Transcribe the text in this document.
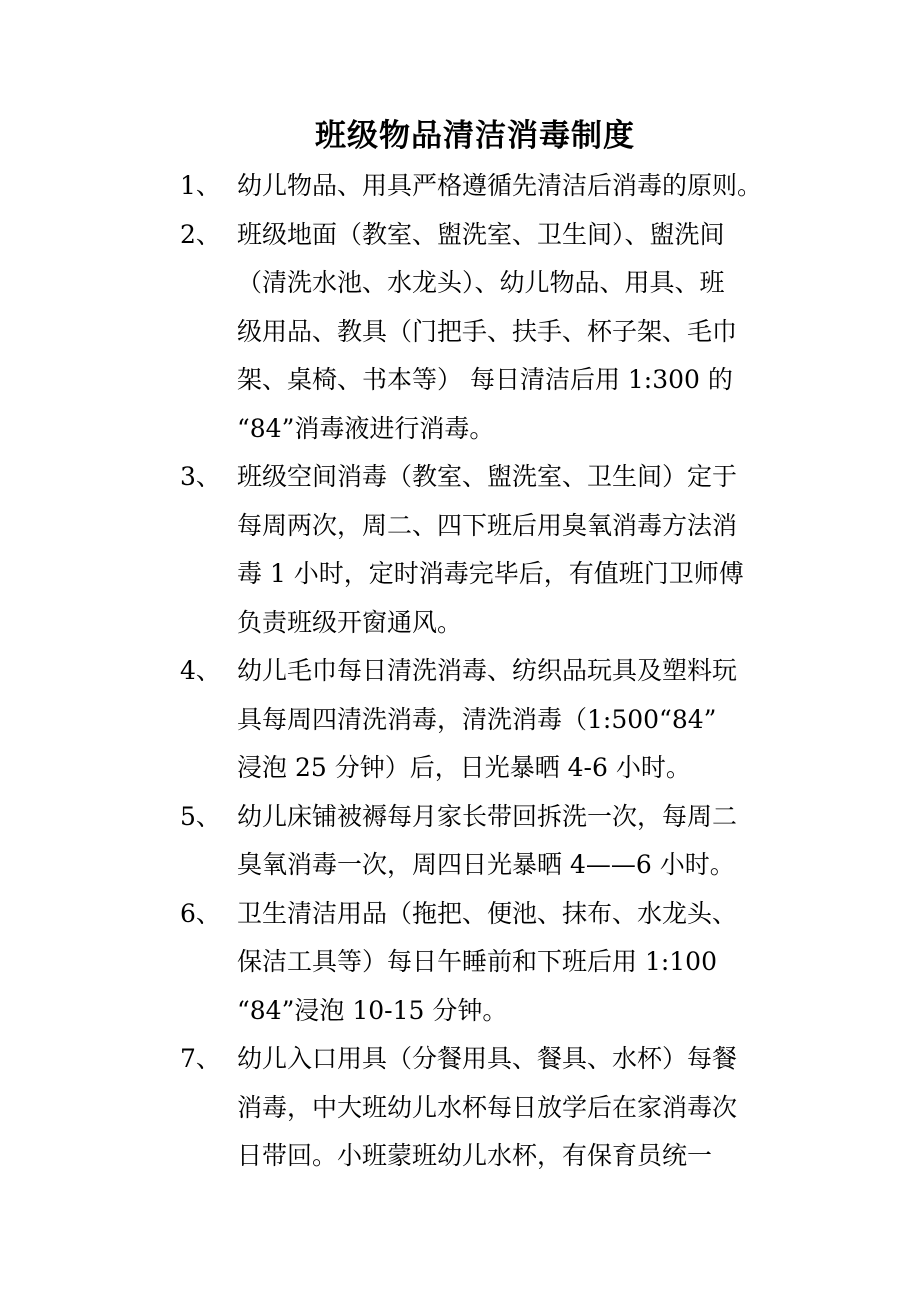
班级物品清洁消毒制度
1、 幼儿物品、用具严格遵循先清洁后消毒的原则。
2、 班级地面（教室、盥洗室、卫生间）、盥洗间
（清洗水池、水龙头）、幼儿物品、用具、班
级用品、教具（门把手、扶手、杯子架、毛巾
架、桌椅、书本等） 每日清洁后用 1:300 的
“84”消毒液进行消毒。
3、 班级空间消毒（教室、盥洗室、卫生间）定于
每周两次，周二、四下班后用臭氧消毒方法消
毒 1 小时，定时消毒完毕后，有值班门卫师傅
负责班级开窗通风。
4、 幼儿毛巾每日清洗消毒、纺织品玩具及塑料玩
具每周四清洗消毒，清洗消毒（1:500“84”
浸泡 25 分钟）后，日光暴晒 4-6 小时。
5、 幼儿床铺被褥每月家长带回拆洗一次，每周二
臭氧消毒一次，周四日光暴晒 4——6 小时。
6、 卫生清洁用品（拖把、便池、抹布、水龙头、
保洁工具等）每日午睡前和下班后用 1:100
“84”浸泡 10-15 分钟。
7、 幼儿入口用具（分餐用具、餐具、水杯）每餐
消毒，中大班幼儿水杯每日放学后在家消毒次
日带回。小班蒙班幼儿水杯，有保育员统一
